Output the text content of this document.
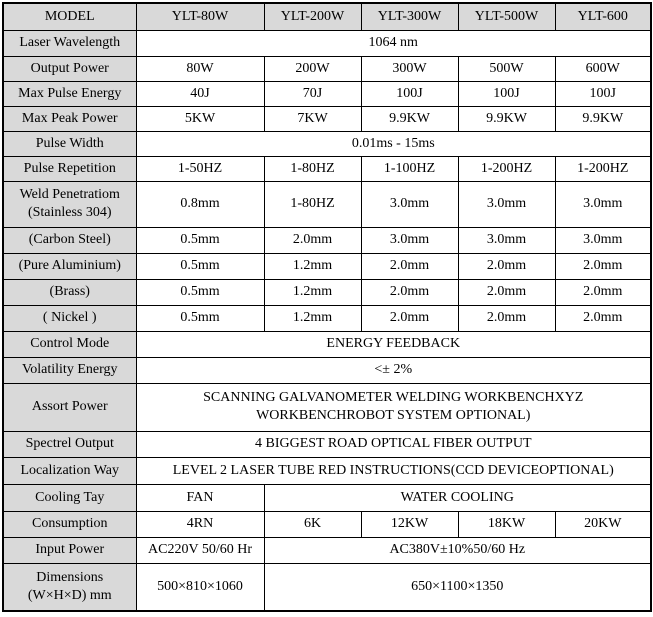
MODEL	YLT-80W	YLT-200W	YLT-300W	YLT-500W	YLT-600
Laser Wavelength	1064 nm				
Output Power	80W	200W	300W	500W	600W
Max Pulse Energy	40J	70J	100J	100J	100J
Max Peak Power	5KW	7KW	9.9KW	9.9KW	9.9KW
Pulse Width	0.01ms - 15ms				
Pulse Repetition	1-50HZ	1-80HZ	1-100HZ	1-200HZ	1-200HZ

Weld Penetratiom
(Stainless 304)	0.8mm	1-80HZ	3.0mm	3.0mm	3.0mm
(Carbon Steel)	0.5mm	2.0mm	3.0mm	3.0mm	3.0mm
(Pure Aluminium)	0.5mm	1.2mm	2.0mm	2.0mm	2.0mm
(Brass)	0.5mm	1.2mm	2.0mm	2.0mm	2.0mm
( Nickel )	0.5mm	1.2mm	2.0mm	2.0mm	2.0mm
Control Mode	ENERGY FEEDBACK				
Volatility Energy	<± 2%				
Assort Power	SCANNING GALVANOMETER WELDING WORKBENCHXYZ
WORKBENCHROBOT SYSTEM OPTIONAL)				

Spectrel Output	4 BIGGEST ROAD OPTICAL FIBER OUTPUT				
Localization Way	LEVEL 2 LASER TUBE RED INSTRUCTIONS(CCD DEVICEOPTIONAL)				
Cooling Tay	FAN	WATER COOLING			
Consumption	4RN	6K	12KW	18KW	20KW
Input Power	AC220V 50/60 Hr	AC380V±10%50/60 Hz			

Dimensions
(W×H×D) mm	500×810×1060	650×1100×1350			
